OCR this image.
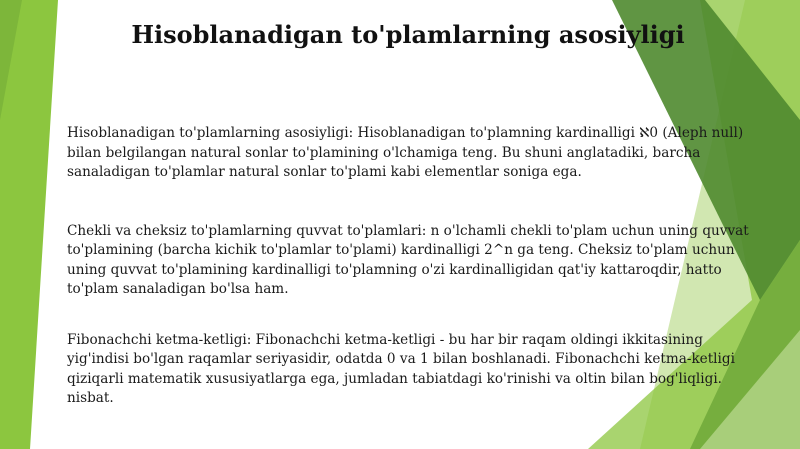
Hisoblanadigan to'plamlarning asosiyligi

Hisoblanadigan to'plamlarning asosiyligi: Hisoblanadigan to'plamning kardinalligi ℵ0 (Aleph null) bilan belgilangan natural sonlar to'plamining o'lchamiga teng. Bu shuni anglatadiki, barcha sanaladigan to'plamlar natural sonlar to'plami kabi elementlar soniga ega.

Chekli va cheksiz to'plamlarning quvvat to'plamlari: n o'lchamli chekli to'plam uchun uning quvvat to'plamining (barcha kichik to'plamlar to'plami) kardinalligi 2^n ga teng. Cheksiz to'plam uchun uning quvvat to'plamining kardinalligi to'plamning o'zi kardinalligidan qat'iy kattaroqdir, hatto to'plam sanaladigan bo'lsa ham.

Fibonachchi ketma-ketligi: Fibonachchi ketma-ketligi - bu har bir raqam oldingi ikkitasining yig'indisi bo'lgan raqamlar seriyasidir, odatda 0 va 1 bilan boshlanadi. Fibonachchi ketma-ketligi qiziqarli matematik xususiyatlarga ega, jumladan tabiatdagi ko'rinishi va oltin bilan bog'liqligi. nisbat.
